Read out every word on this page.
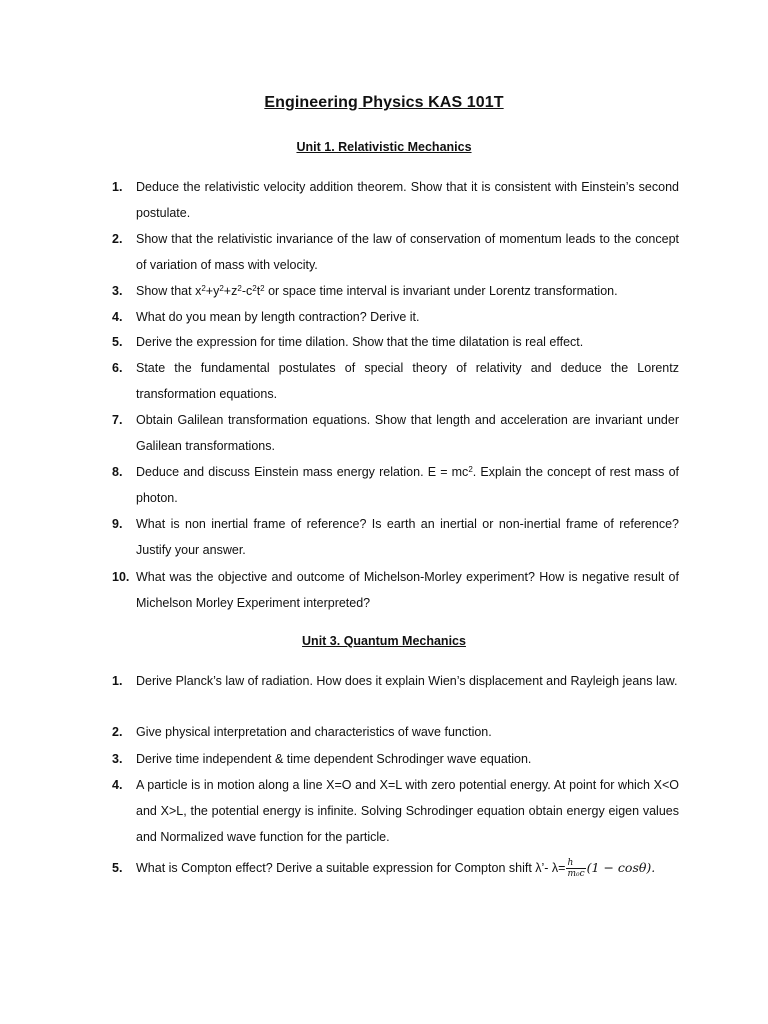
Engineering Physics KAS 101T
Unit 1. Relativistic Mechanics
1.	Deduce the relativistic velocity addition theorem. Show that it is consistent with Einstein’s second postulate.
2.	Show that the relativistic invariance of the law of conservation of momentum leads to the concept of variation of mass with velocity.
3.	Show that $x^2+y^2+z^2-c^2t^2$ or space time interval is invariant under Lorentz transformation.
4.	What do you mean by length contraction? Derive it.
5.	Derive the expression for time dilation. Show that the time dilatation is real effect.
6.	State the fundamental postulates of special theory of relativity and deduce the Lorentz transformation equations.
7.	Obtain Galilean transformation equations. Show that length and acceleration are invariant under Galilean transformations.
8.	Deduce and discuss Einstein mass energy relation. $E = mc^2$. Explain the concept of rest mass of photon.
9.	What is non inertial frame of reference? Is earth an inertial or non-inertial frame of reference? Justify your answer.
10. What was the objective and outcome of Michelson-Morley experiment? How is negative result of Michelson Morley Experiment interpreted?
Unit 3. Quantum Mechanics
1.	Derive Planck’s law of radiation. How does it explain Wien’s displacement and Rayleigh jeans law.
2.	Give physical interpretation and characteristics of wave function.
3.	Derive time independent & time dependent Schrodinger wave equation.
4.	A particle is in motion along a line X=O and X=L with zero potential energy. At point for which X<O and X>L, the potential energy is infinite. Solving Schrodinger equation obtain energy eigen values and Normalized wave function for the particle.
5.	What is Compton effect? Derive a suitable expression for Compton shift λ’- $\lambda= \frac{h}{\text{m₀c}} (1 - \cos\theta)$.
